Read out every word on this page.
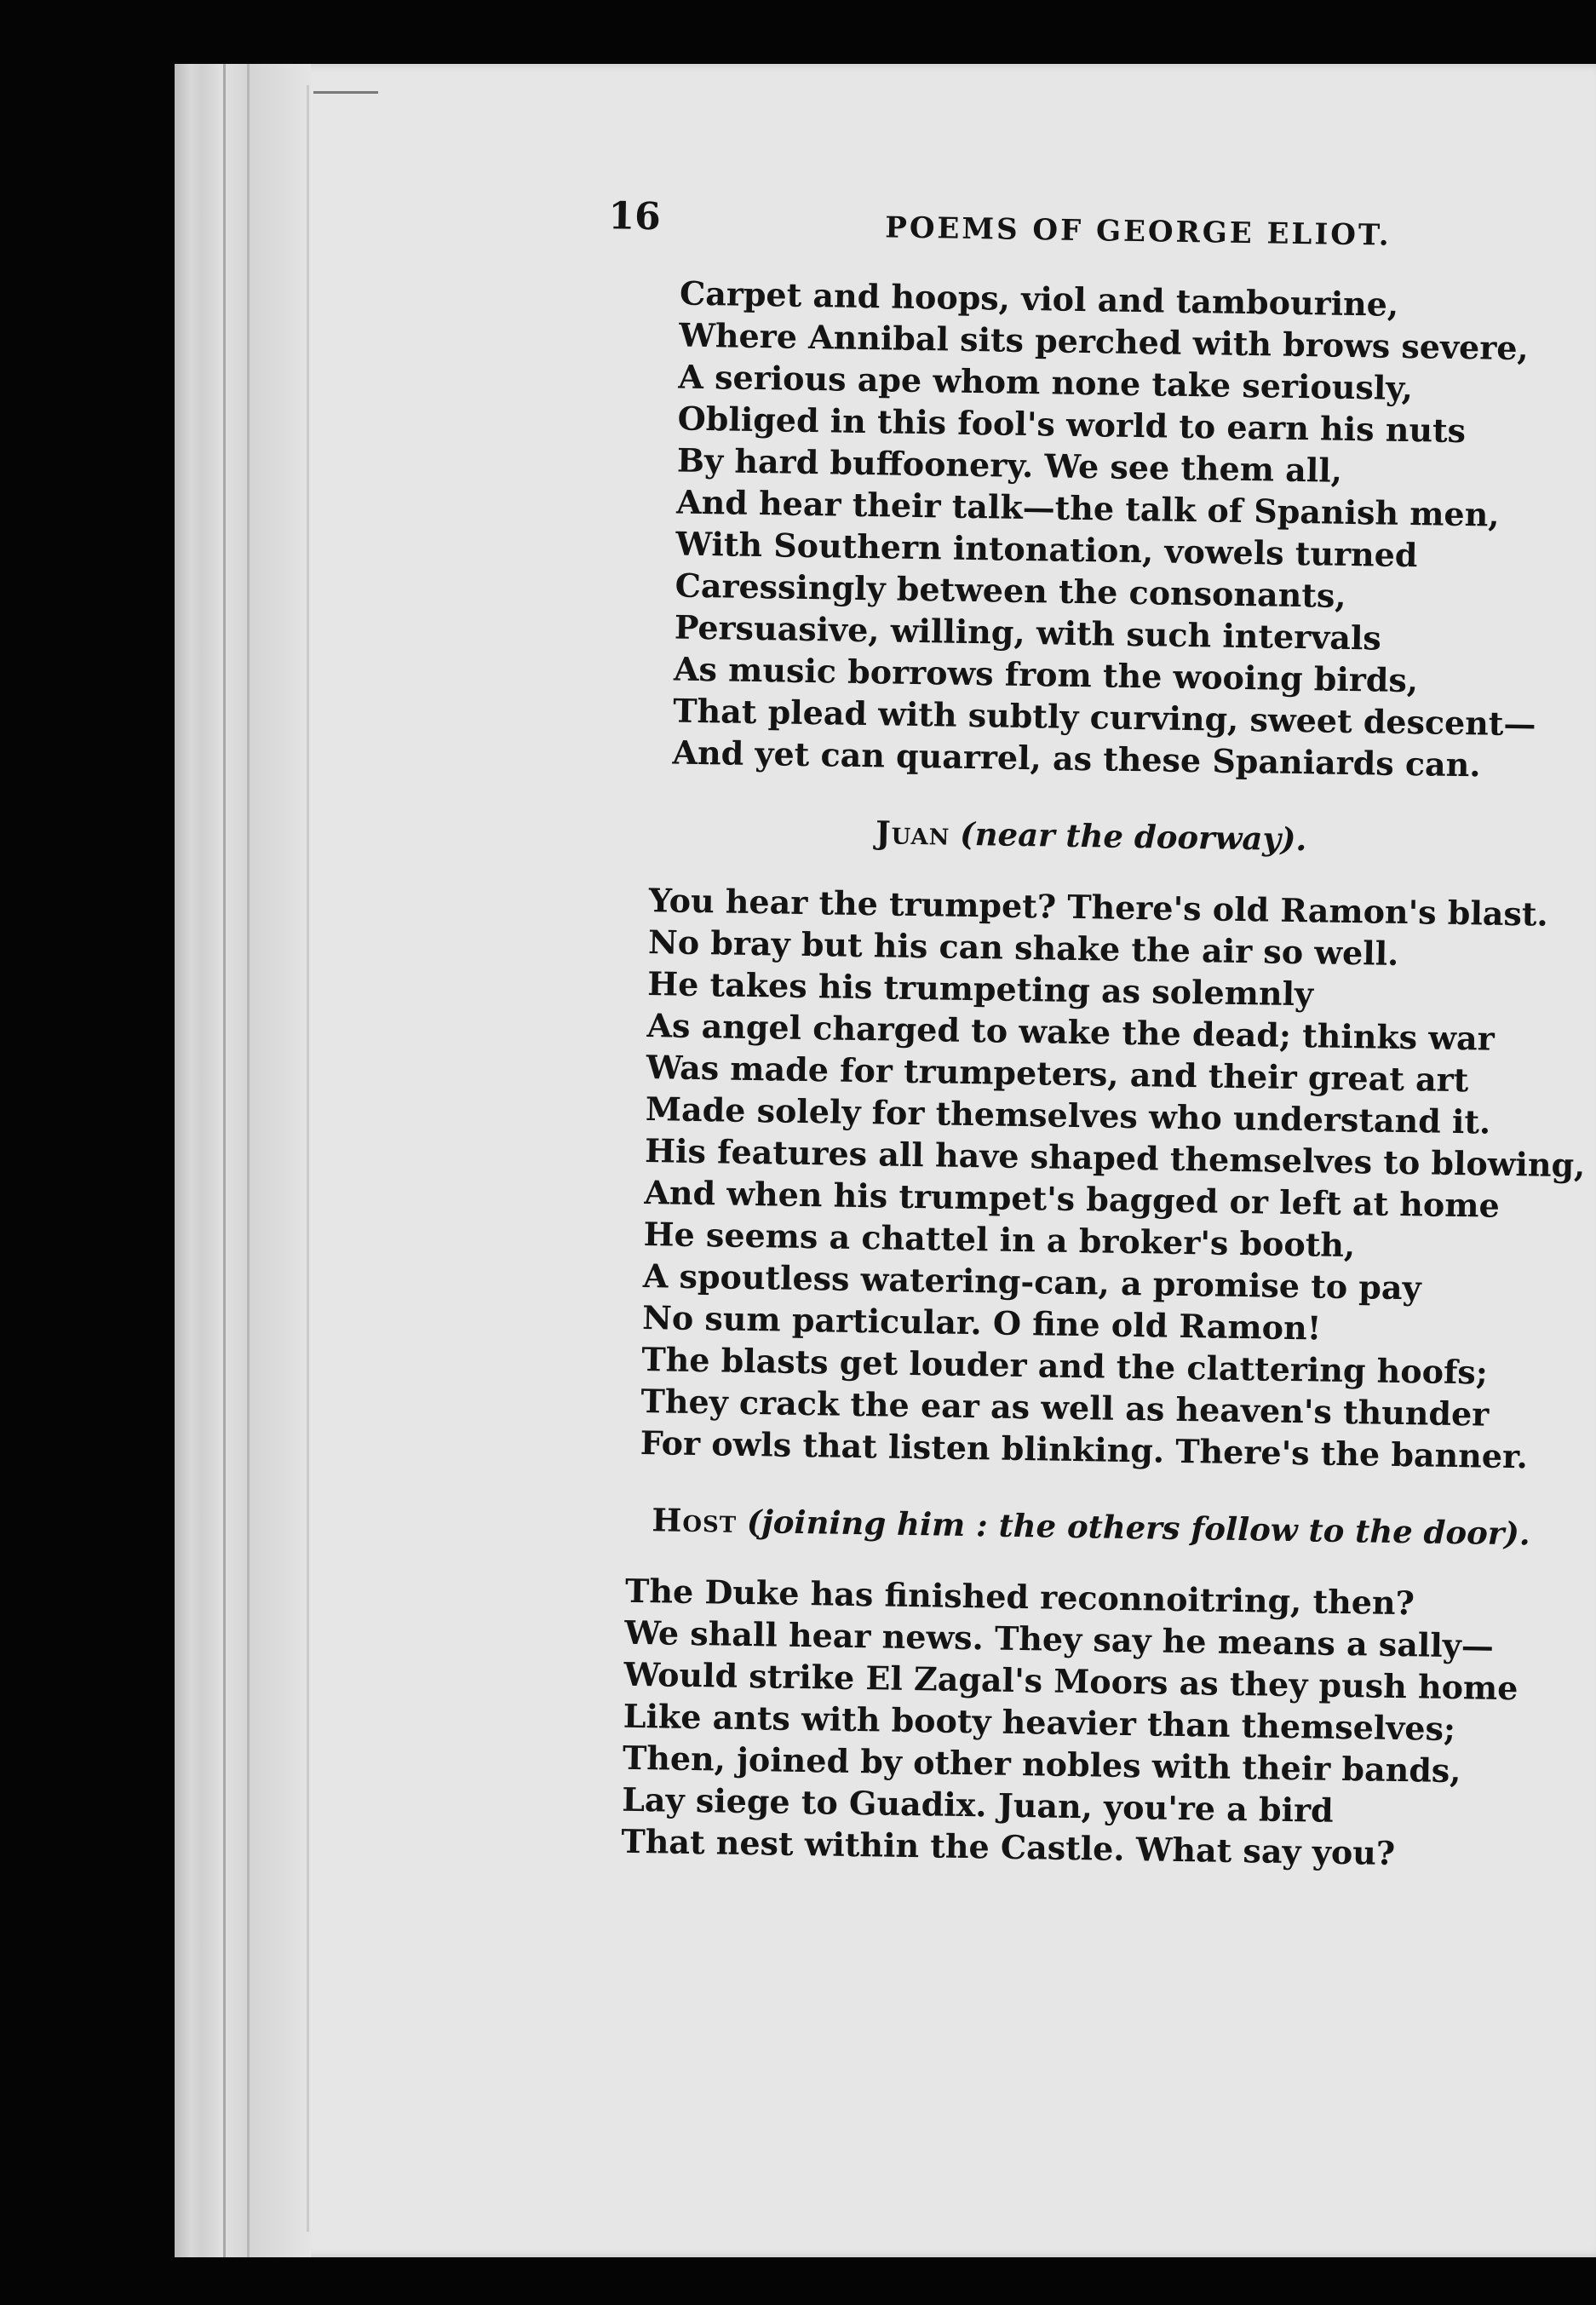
16	POEMS OF GEORGE ELIOT.
Carpet and hoops, viol and tambourine,
Where Annibal sits perched with brows severe,
A serious ape whom none take seriously,
Obliged in this fool's world to earn his nuts
By hard buffoonery. We see them all,
And hear their talk—the talk of Spanish men,
With Southern intonation, vowels turned
Caressingly between the consonants,
Persuasive, willing, with such intervals
As music borrows from the wooing birds,
That plead with subtly curving, sweet descent—
And yet can quarrel, as these Spaniards can.
Juan (near the doorway).
You hear the trumpet? There's old Ramon's blast.
No bray but his can shake the air so well.
He takes his trumpeting as solemnly
As angel charged to wake the dead; thinks war
Was made for trumpeters, and their great art
Made solely for themselves who understand it.
His features all have shaped themselves to blowing,
And when his trumpet's bagged or left at home
He seems a chattel in a broker's booth,
A spoutless watering-can, a promise to pay
No sum particular. O fine old Ramon!
The blasts get louder and the clattering hoofs;
They crack the ear as well as heaven's thunder
For owls that listen blinking. There's the banner.
Host (joining him : the others follow to the door).
The Duke has finished reconnoitring, then?
We shall hear news. They say he means a sally—
Would strike El Zagal's Moors as they push home
Like ants with booty heavier than themselves;
Then, joined by other nobles with their bands,
Lay siege to Guadix. Juan, you're a bird
That nest within the Castle. What say you?
